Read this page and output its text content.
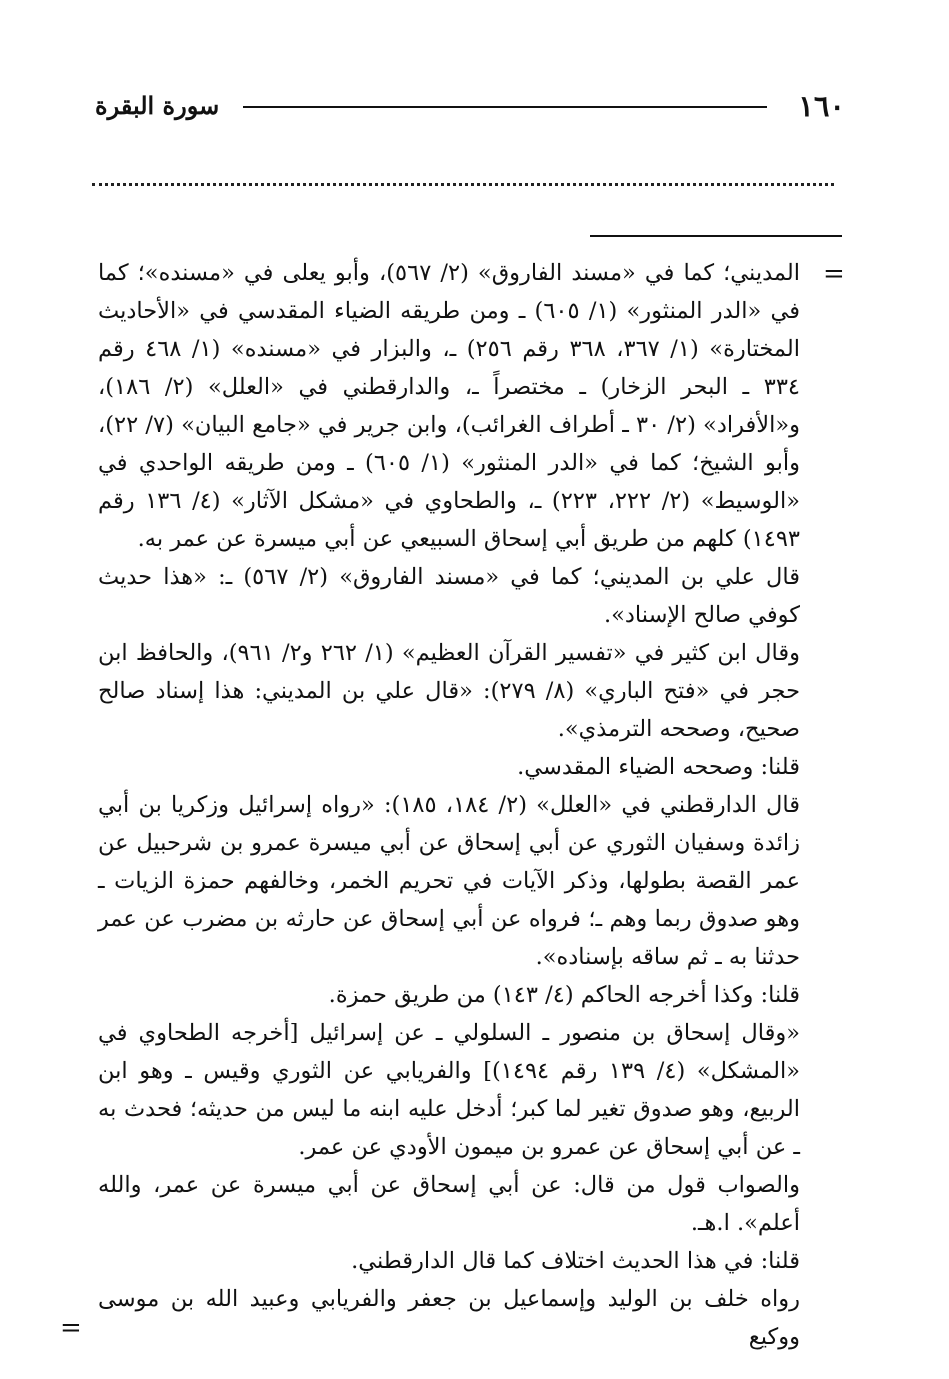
١٦٠
سورة البقرة
=

المديني؛ كما في «مسند الفاروق» (٢/ ٥٦٧)، وأبو يعلى في «مسنده»؛ كما في «الدر المنثور» (١/ ٦٠٥) ـ ومن طريقه الضياء المقدسي في «الأحاديث المختارة» (١/ ٣٦٧، ٣٦٨ رقم ٢٥٦) ـ، والبزار في «مسنده» (١/ ٤٦٨ رقم ٣٣٤ ـ البحر الزخار) ـ مختصراً ـ، والدارقطني في «العلل» (٢/ ١٨٦)، و«الأفراد» (٢/ ٣٠ ـ أطراف الغرائب)، وابن جرير في «جامع البيان» (٧/ ٢٢)، وأبو الشيخ؛ كما في «الدر المنثور» (١/ ٦٠٥) ـ ومن طريقه الواحدي في «الوسيط» (٢/ ٢٢٢، ٢٢٣) ـ، والطحاوي في «مشكل الآثار» (٤/ ١٣٦ رقم ١٤٩٣) كلهم من طريق أبي إسحاق السبيعي عن أبي ميسرة عن عمر به.

قال علي بن المديني؛ كما في «مسند الفاروق» (٢/ ٥٦٧) ـ: «هذا حديث كوفي صالح الإسناد».

وقال ابن كثير في «تفسير القرآن العظيم» (١/ ٢٦٢ و٢/ ٩٦١)، والحافظ ابن حجر في «فتح الباري» (٨/ ٢٧٩): «قال علي بن المديني: هذا إسناد صالح صحيح، وصححه الترمذي».

قلنا: وصححه الضياء المقدسي.

قال الدارقطني في «العلل» (٢/ ١٨٤، ١٨٥): «رواه إسرائيل وزكريا بن أبي زائدة وسفيان الثوري عن أبي إسحاق عن أبي ميسرة عمرو بن شرحبيل عن عمر القصة بطولها، وذكر الآيات في تحريم الخمر، وخالفهم حمزة الزيات ـ وهو صدوق ربما وهم ـ؛ فرواه عن أبي إسحاق عن حارثه بن مضرب عن عمر حدثنا به ـ ثم ساقه بإسناده».

قلنا: وكذا أخرجه الحاكم (٤/ ١٤٣) من طريق حمزة.

«وقال إسحاق بن منصور ـ السلولي ـ عن إسرائيل [أخرجه الطحاوي في «المشكل» (٤/ ١٣٩ رقم ١٤٩٤)] والفريابي عن الثوري وقيس ـ وهو ابن الربيع، وهو صدوق تغير لما كبر؛ أدخل عليه ابنه ما ليس من حديثه؛ فحدث به ـ عن أبي إسحاق عن عمرو بن ميمون الأودي عن عمر.

والصواب قول من قال: عن أبي إسحاق عن أبي ميسرة عن عمر، والله أعلم». ا.هـ.

قلنا: في هذا الحديث اختلاف كما قال الدارقطني.

رواه خلف بن الوليد وإسماعيل بن جعفر والفريابي وعبيد الله بن موسى ووكيع

=
